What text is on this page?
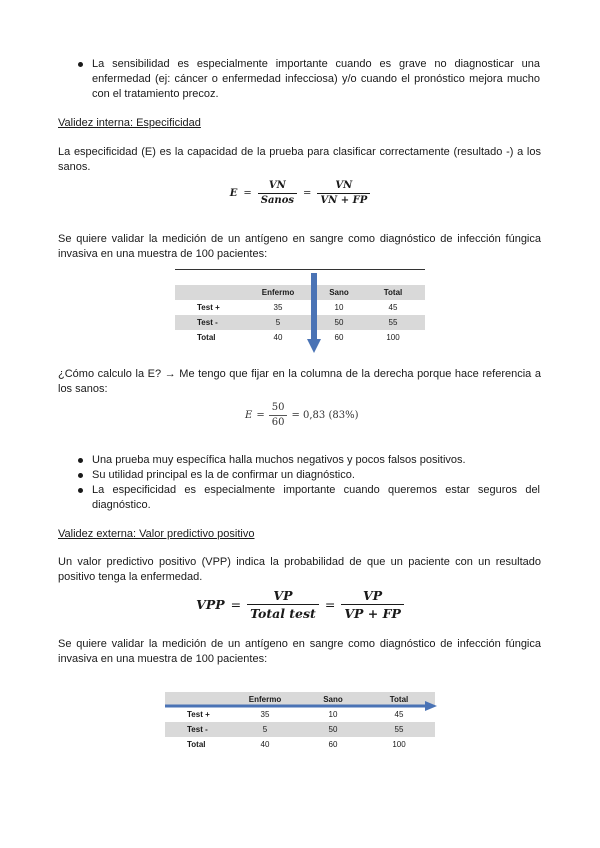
La sensibilidad es especialmente importante cuando es grave no diagnosticar una enfermedad (ej: cáncer o enfermedad infecciosa) y/o cuando el pronóstico mejora mucho con el tratamiento precoz.
Validez interna: Especificidad
La especificidad (E) es la capacidad de la prueba para clasificar correctamente (resultado -) a los sanos.
$E = \frac{VN}{\text{Sanos}} = \frac{VN}{VN + FP}$
Se quiere validar la medición de un antígeno en sangre como diagnóstico de infección fúngica invasiva en una muestra de 100 pacientes:
	Enfermo	Sano	Total
Test +	35	10	45
Test -	5	50	55
Total	40	60	100
¿Cómo calculo la E? → Me tengo que fijar en la columna de la derecha porque hace referencia a los sanos:
$E = \frac{50}{60} = 0,83$ (83%)
Una prueba muy específica halla muchos negativos y pocos falsos positivos.
Su utilidad principal es la de confirmar un diagnóstico.
La especificidad es especialmente importante cuando queremos estar seguros del diagnóstico.
Validez externa: Valor predictivo positivo
Un valor predictivo positivo (VPP) indica la probabilidad de que un paciente con un resultado positivo tenga la enfermedad.
VPP = $\frac{VP}{\text{Total test}} = \frac{VP}{VP + FP}$
Se quiere validar la medición de un antígeno en sangre como diagnóstico de infección fúngica invasiva en una muestra de 100 pacientes:
	Enfermo	Sano	Total
Test +	35	10	45
Test -	5	50	55
Total	40	60	100
